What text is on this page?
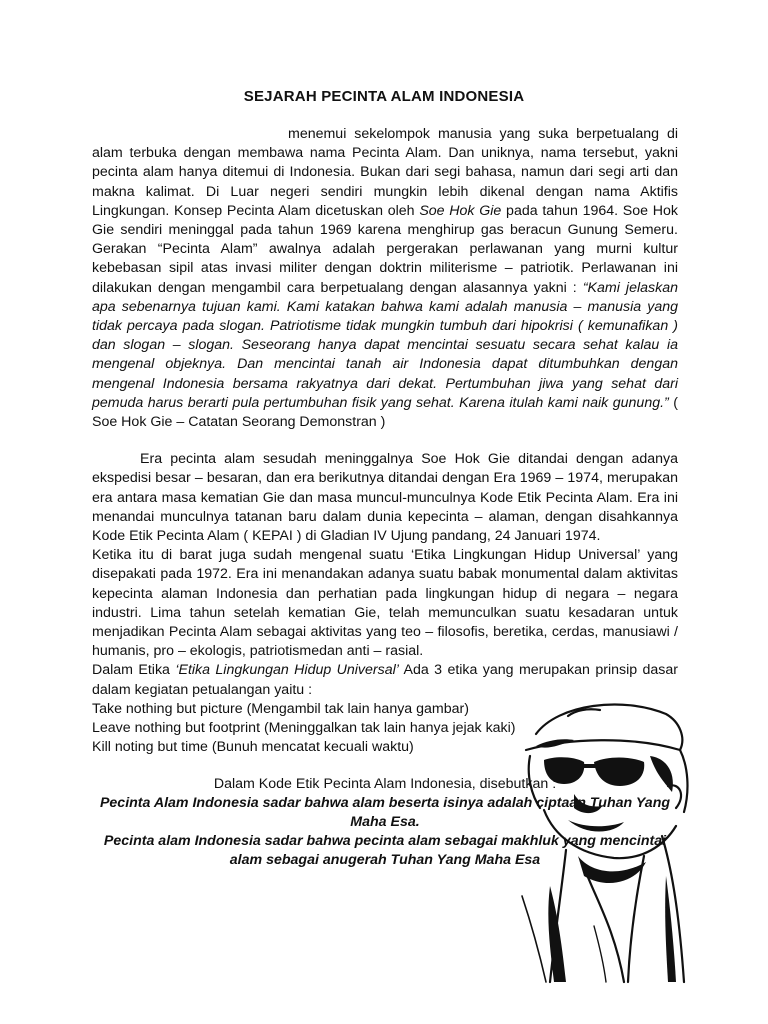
SEJARAH PECINTA ALAM INDONESIA

menemui sekelompok manusia yang suka berpetualang di alam terbuka dengan membawa nama Pecinta Alam. Dan uniknya, nama tersebut, yakni pecinta alam hanya ditemui di Indonesia. Bukan dari segi bahasa, namun dari segi arti dan makna kalimat. Di Luar negeri sendiri mungkin lebih dikenal dengan nama Aktifis Lingkungan. Konsep Pecinta Alam dicetuskan oleh Soe Hok Gie pada tahun 1964. Soe Hok Gie sendiri meninggal pada tahun 1969 karena menghirup gas beracun Gunung Semeru. Gerakan “Pecinta Alam” awalnya adalah pergerakan perlawanan yang murni kultur kebebasan sipil atas invasi militer dengan doktrin militerisme – patriotik. Perlawanan ini dilakukan dengan mengambil cara berpetualang dengan alasannya yakni : “Kami jelaskan apa sebenarnya tujuan kami. Kami katakan bahwa kami adalah manusia – manusia yang tidak percaya pada slogan. Patriotisme tidak mungkin tumbuh dari hipokrisi ( kemunafikan ) dan slogan – slogan. Seseorang hanya dapat mencintai sesuatu secara sehat kalau ia mengenal objeknya. Dan mencintai tanah air Indonesia dapat ditumbuhkan dengan mengenal Indonesia bersama rakyatnya dari dekat. Pertumbuhan jiwa yang sehat dari pemuda harus berarti pula pertumbuhan fisik yang sehat. Karena itulah kami naik gunung.” ( Soe Hok Gie – Catatan Seorang Demonstran )

Era pecinta alam sesudah meninggalnya Soe Hok Gie ditandai dengan adanya ekspedisi besar – besaran, dan era berikutnya ditandai dengan Era 1969 – 1974, merupakan era antara masa kematian Gie dan masa muncul-munculnya Kode Etik Pecinta Alam. Era ini menandai munculnya tatanan baru dalam dunia kepecinta – alaman, dengan disahkannya Kode Etik Pecinta Alam ( KEPAI ) di Gladian IV Ujung pandang, 24 Januari 1974.

Ketika itu di barat juga sudah mengenal suatu ‘Etika Lingkungan Hidup Universal’ yang disepakati pada 1972. Era ini menandakan adanya suatu babak monumental dalam aktivitas kepecinta alaman Indonesia dan perhatian pada lingkungan hidup di negara – negara industri. Lima tahun setelah kematian Gie, telah memunculkan suatu kesadaran untuk menjadikan Pecinta Alam sebagai aktivitas yang teo – filosofis, beretika, cerdas, manusiawi / humanis, pro – ekologis, patriotismedan anti – rasial.

Dalam Etika ‘Etika Lingkungan Hidup Universal’ Ada 3 etika yang merupakan prinsip dasar dalam kegiatan petualangan yaitu :

Take nothing but picture (Mengambil tak lain hanya gambar)

Leave nothing but footprint (Meninggalkan tak lain hanya jejak kaki)

Kill noting but time (Bunuh mencatat kecuali waktu)

Dalam Kode Etik Pecinta Alam Indonesia, disebutkan :

Pecinta Alam Indonesia sadar bahwa alam beserta isinya adalah ciptaan Tuhan Yang Maha Esa.

Pecinta alam Indonesia sadar bahwa pecinta alam sebagai makhluk yang mencintai alam sebagai anugerah Tuhan Yang Maha Esa
